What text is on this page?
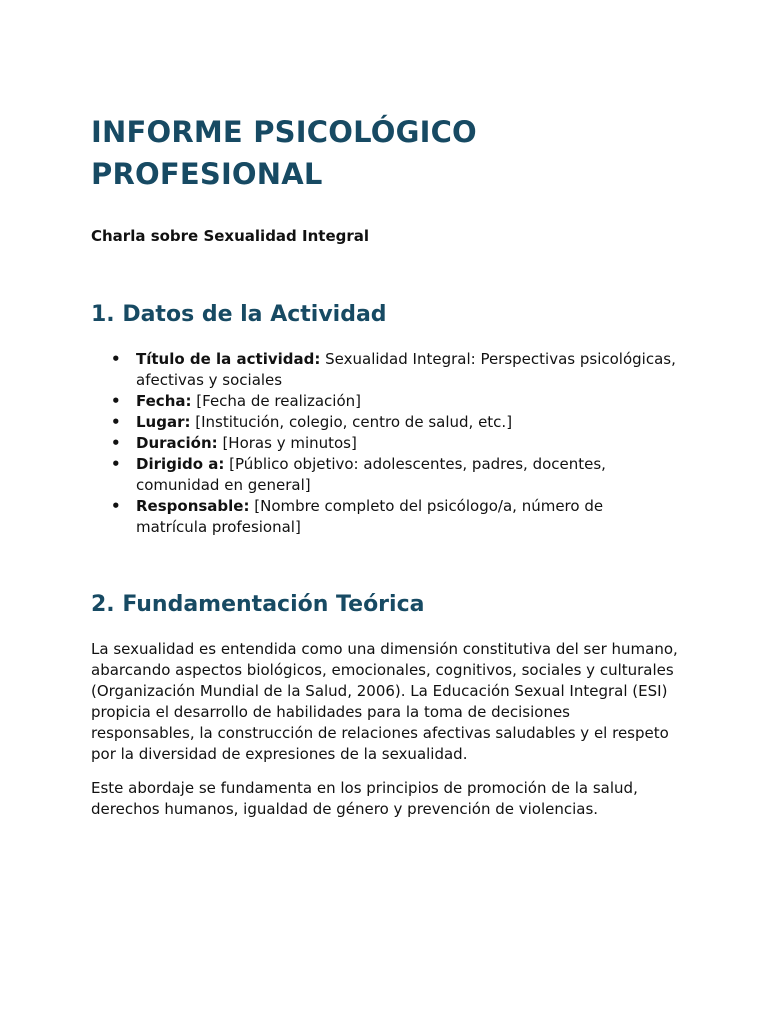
INFORME PSICOLÓGICO
PROFESIONAL

Charla sobre Sexualidad Integral

1. Datos de la Actividad
• Título de la actividad: Sexualidad Integral: Perspectivas psicológicas, afectivas y sociales
• Fecha: [Fecha de realización]
• Lugar: [Institución, colegio, centro de salud, etc.]
• Duración: [Horas y minutos]
• Dirigido a: [Público objetivo: adolescentes, padres, docentes, comunidad en general]
• Responsable: [Nombre completo del psicólogo/a, número de matrícula profesional]
2. Fundamentación Teórica

La sexualidad es entendida como una dimensión constitutiva del ser humano, abarcando aspectos biológicos, emocionales, cognitivos, sociales y culturales (Organización Mundial de la Salud, 2006). La Educación Sexual Integral (ESI) propicia el desarrollo de habilidades para la toma de decisiones responsables, la construcción de relaciones afectivas saludables y el respeto por la diversidad de expresiones de la sexualidad.

Este abordaje se fundamenta en los principios de promoción de la salud, derechos humanos, igualdad de género y prevención de violencias.
